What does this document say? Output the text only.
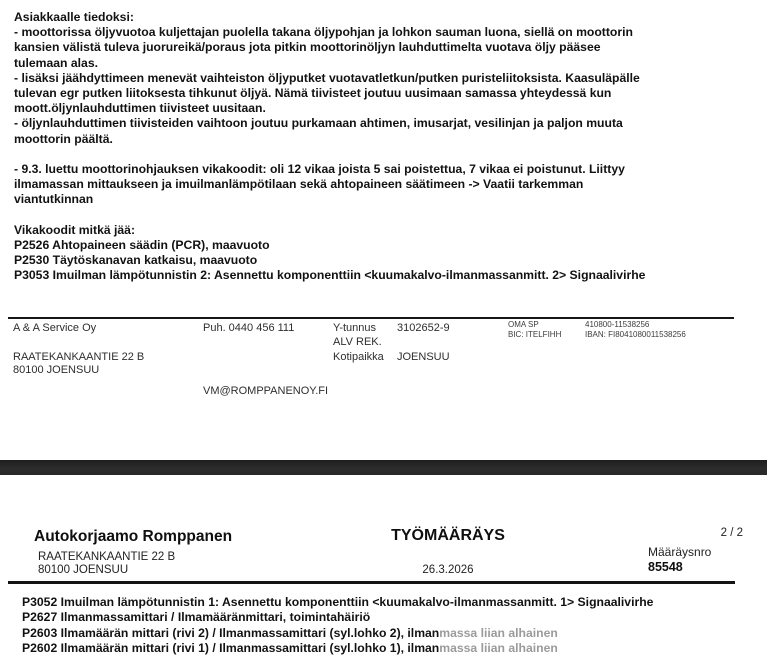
Asiakkaalle tiedoksi:
- moottorissa öljyvuotoa kuljettajan puolella takana öljypohjan ja lohkon sauman luona, siellä on moottorin
kansien välistä tuleva juorureikä/poraus jota pitkin moottorinöljyn lauhduttimelta vuotava öljy pääsee
tulemaan alas.
- lisäksi jäähdyttimeen menevät vaihteiston öljyputket vuotavatletkun/putken puristeliitoksista. Kaasuläpälle
tulevan egr putken liitoksesta tihkunut öljyä. Nämä tiivisteet joutuu uusimaan samassa yhteydessä kun
moott.öljynlauhduttimen tiivisteet uusitaan.
- öljynlauhduttimen tiivisteiden vaihtoon joutuu purkamaan ahtimen, imusarjat, vesilinjan ja paljon muuta
moottorin päältä.
- 9.3. luettu moottorinohjauksen vikakoodit: oli 12 vikaa joista 5 sai poistettua, 7 vikaa ei poistunut. Liittyy
ilmamassan mittaukseen ja imuilmanlämpötilaan sekä ahtopaineen säätimeen -> Vaatii tarkemman
viantutkinnan
Vikakoodit mitkä jää:
P2526 Ahtopaineen säädin (PCR), maavuoto
P2530 Täytöskanavan katkaisu, maavuoto
P3053 Imuilman lämpötunnistin 2: Asennettu komponenttiin <kuumakalvo-ilmanmassanmitt. 2> Signaalivirhe
A & A Service Oy	Puh. 0440 456 111	Y-tunnus 3102652-9
ALV REK.
RAATEKANKAANTIE 22 B	Kotipaikka JOENSUU
80100 JOENSUU
VM@ROMPPANENOY.FI
OMA SP	410800-11538256
BIC: ITELFIHH	IBAN: FI8041080011538256
Autokorjaamo Romppanen	TYÖMÄÄRÄYS	2 / 2
RAATEKANKAANTIE 22 B	Määräysnro
80100 JOENSUU	26.3.2026	85548
P3052 Imuilman lämpötunnistin 1: Asennettu komponenttiin <kuumakalvo-ilmanmassanmitt. 1> Signaalivirhe
P2627 Ilmanmassamittari / Ilmamääränmittari, toimintahäiriö
P2603 Ilmamäärän mittari (rivi 2) / Ilmanmassamittari (syl.lohko 2), ilmanmassa liian alhainen
P2602 Ilmamäärän mittari (rivi 1) / Ilmanmassamittari (syl.lohko 1), ilmanmassa liian alhainen
